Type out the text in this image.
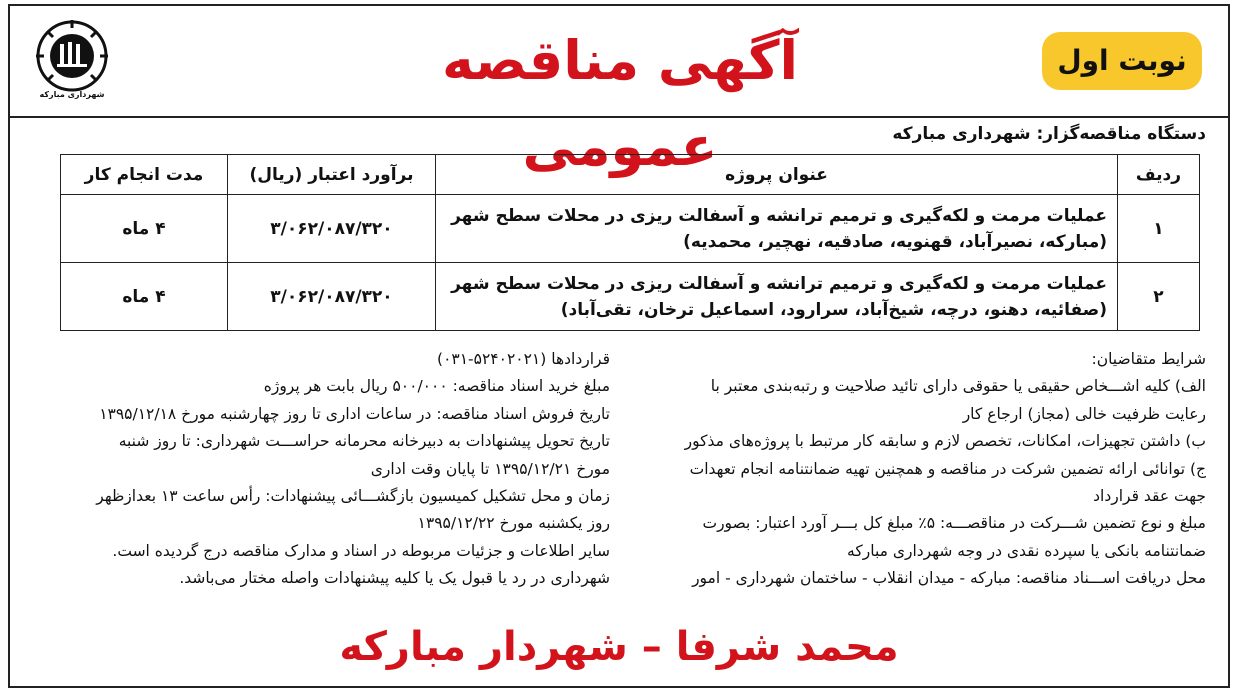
شهرداری مبارکه
آگهی مناقصه عمومی
نوبت اول
دستگاه مناقصه‌گزار: شهرداری مبارکه
ردیف	عنوان پروژه	برآورد اعتبار (ریال)	مدت انجام کار
۱	عملیات مرمت و لکه‌گیری و ترمیم ترانشه و آسفالت ریزی در محلات سطح شهر
(مبارکه، نصیرآباد، قهنویه، صادقیه، نهچیر، محمدیه)	۳/۰۶۲/۰۸۷/۳۲۰	۴ ماه
۲	عملیات مرمت و لکه‌گیری و ترمیم ترانشه و آسفالت ریزی در محلات سطح شهر
(صفائیه، دهنو، درچه، شیخ‌آباد، سرارود، اسماعیل ترخان، تقی‌آباد)	۳/۰۶۲/۰۸۷/۳۲۰	۴ ماه
شرایط متقاضیان:
الف) کلیه اشـــخاص حقیقی یا حقوقی دارای تائید صلاحیت و رتبه‌بندی معتبر با
رعایت ظرفیت خالی (مجاز) ارجاع کار
ب) داشتن تجهیزات، امکانات، تخصص لازم و سابقه کار مرتبط با پروژه‌های مذکور
ج) توانائی ارائه تضمین شرکت در مناقصه و همچنین تهیه ضمانتنامه انجام تعهدات
جهت عقد قرارداد
مبلغ و نوع تضمین شـــرکت در مناقصـــه: ۵٪ مبلغ کل بـــر آورد اعتبار: بصورت
ضمانتنامه بانکی یا سپرده نقدی در وجه شهرداری مبارکه
محل دریافت اســـناد مناقصه: مبارکه - میدان انقلاب - ساختمان شهرداری - امور
قراردادها (۵۲۴۰۲۰۲۱-۰۳۱)
مبلغ خرید اسناد مناقصه: ۵۰۰/۰۰۰ ریال بابت هر پروژه
تاریخ فروش اسناد مناقصه: در ساعات اداری تا روز چهارشنبه مورخ ۱۳۹۵/۱۲/۱۸
تاریخ تحویل پیشنهادات به دبیرخانه محرمانه حراســـت شهرداری: تا روز شنبه
مورخ ۱۳۹۵/۱۲/۲۱ تا پایان وقت اداری
زمان و محل تشکیل کمیسیون بازگشـــائی پیشنهادات: رأس ساعت ۱۳ بعدازظهر
روز یکشنبه مورخ ۱۳۹۵/۱۲/۲۲
سایر اطلاعات و جزئیات مربوطه در اسناد و مدارک مناقصه درج گردیده است.
شهرداری در رد یا قبول یک یا کلیه پیشنهادات واصله مختار می‌باشد.
محمد شرفا – شهردار مبارکه
